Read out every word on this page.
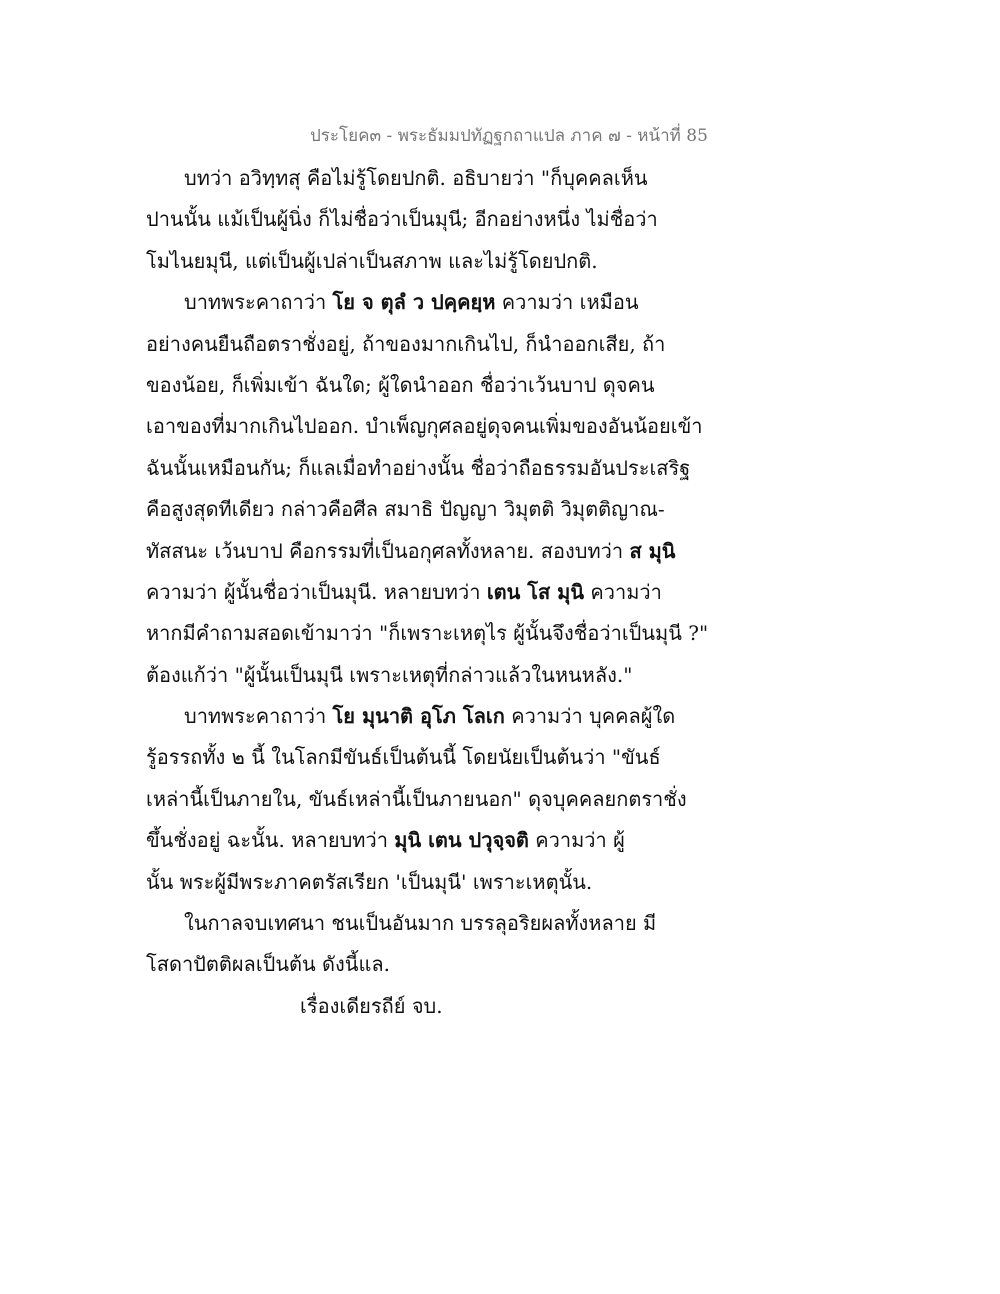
ประโยค๓ - พระธัมมปทัฏฐกถาแปล ภาค ๗ - หน้าที่ 85
บทว่า อวิทฺทสุ คือไม่รู้โดยปกติ. อธิบายว่า "ก็บุคคลเห็น
ปานนั้น แม้เป็นผู้นิ่ง ก็ไม่ชื่อว่าเป็นมุนี; อีกอย่างหนึ่ง ไม่ชื่อว่า
โมไนยมุนี, แต่เป็นผู้เปล่าเป็นสภาพ และไม่รู้โดยปกติ.
บาทพระคาถาว่า โย จ ตุลํ ว ปคฺคยฺห ความว่า เหมือน
อย่างคนยืนถือตราชั่งอยู่, ถ้าของมากเกินไป, ก็นำออกเสีย, ถ้า
ของน้อย, ก็เพิ่มเข้า ฉันใด; ผู้ใดนำออก ชื่อว่าเว้นบาป ดุจคน
เอาของที่มากเกินไปออก. บำเพ็ญกุศลอยู่ดุจคนเพิ่มของอันน้อยเข้า
ฉันนั้นเหมือนกัน; ก็แลเมื่อทำอย่างนั้น ชื่อว่าถือธรรมอันประเสริฐ
คือสูงสุดทีเดียว กล่าวคือศีล สมาธิ ปัญญา วิมุตติ วิมุตติญาณ-
ทัสสนะ เว้นบาป คือกรรมที่เป็นอกุศลทั้งหลาย. สองบทว่า ส มุนิ
ความว่า ผู้นั้นชื่อว่าเป็นมุนี. หลายบทว่า เตน โส มุนิ ความว่า
หากมีคำถามสอดเข้ามาว่า "ก็เพราะเหตุไร ผู้นั้นจึงชื่อว่าเป็นมุนี ?"
ต้องแก้ว่า "ผู้นั้นเป็นมุนี เพราะเหตุที่กล่าวแล้วในหนหลัง."
บาทพระคาถาว่า โย มุนาติ อุโภ โลเก ความว่า บุคคลผู้ใด
รู้อรรถทั้ง ๒ นี้ ในโลกมีขันธ์เป็นต้นนี้ โดยนัยเป็นต้นว่า "ขันธ์
เหล่านี้เป็นภายใน, ขันธ์เหล่านี้เป็นภายนอก" ดุจบุคคลยกตราชั่ง
ขึ้นชั่งอยู่ ฉะนั้น. หลายบทว่า มุนิ เตน ปวุจฺจติ ความว่า ผู้
นั้น พระผู้มีพระภาคตรัสเรียก 'เป็นมุนี' เพราะเหตุนั้น.
ในกาลจบเทศนา ชนเป็นอันมาก บรรลุอริยผลทั้งหลาย มี
โสดาปัตติผลเป็นต้น ดังนี้แล.
เรื่องเดียรถีย์ จบ.
